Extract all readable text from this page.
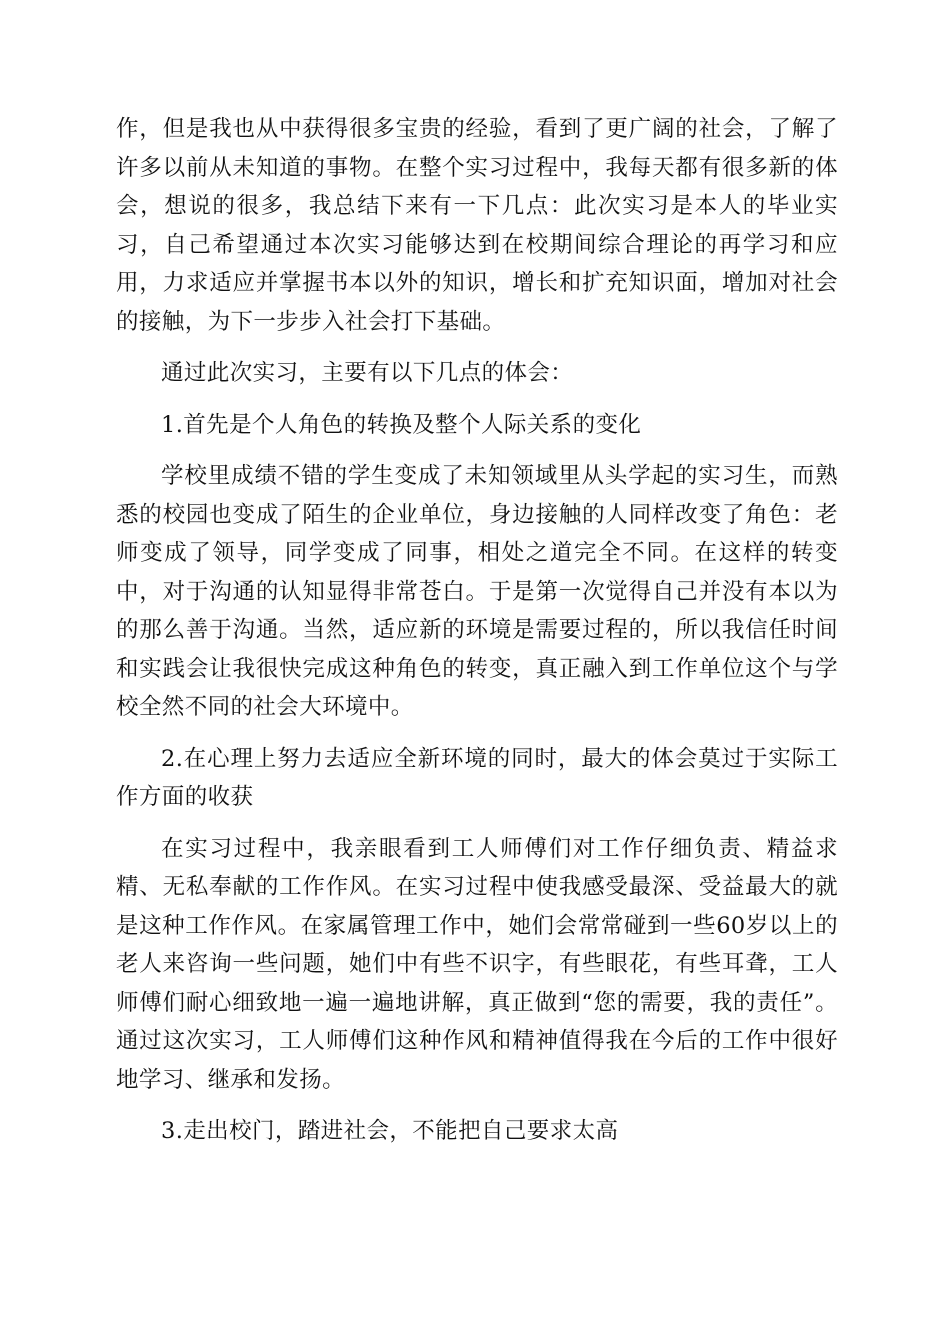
作，但是我也从中获得很多宝贵的经验，看到了更广阔的社会，了解了许多以前从未知道的事物。在整个实习过程中，我每天都有很多新的体会，想说的很多，我总结下来有一下几点：此次实习是本人的毕业实习，自己希望通过本次实习能够达到在校期间综合理论的再学习和应用，力求适应并掌握书本以外的知识，增长和扩充知识面，增加对社会的接触，为下一步步入社会打下基础。

通过此次实习，主要有以下几点的体会：

1.首先是个人角色的转换及整个人际关系的变化

学校里成绩不错的学生变成了未知领域里从头学起的实习生，而熟悉的校园也变成了陌生的企业单位，身边接触的人同样改变了角色：老师变成了领导，同学变成了同事，相处之道完全不同。在这样的转变中，对于沟通的认知显得非常苍白。于是第一次觉得自己并没有本以为的那么善于沟通。当然，适应新的环境是需要过程的，所以我信任时间和实践会让我很快完成这种角色的转变，真正融入到工作单位这个与学校全然不同的社会大环境中。

2.在心理上努力去适应全新环境的同时，最大的体会莫过于实际工作方面的收获

在实习过程中，我亲眼看到工人师傅们对工作仔细负责、精益求精、无私奉献的工作作风。在实习过程中使我感受最深、受益最大的就是这种工作作风。在家属管理工作中，她们会常常碰到一些60岁以上的老人来咨询一些问题，她们中有些不识字，有些眼花，有些耳聋，工人师傅们耐心细致地一遍一遍地讲解，真正做到“您的需要，我的责任”。通过这次实习，工人师傅们这种作风和精神值得我在今后的工作中很好地学习、继承和发扬。

3.走出校门，踏进社会，不能把自己要求太高
